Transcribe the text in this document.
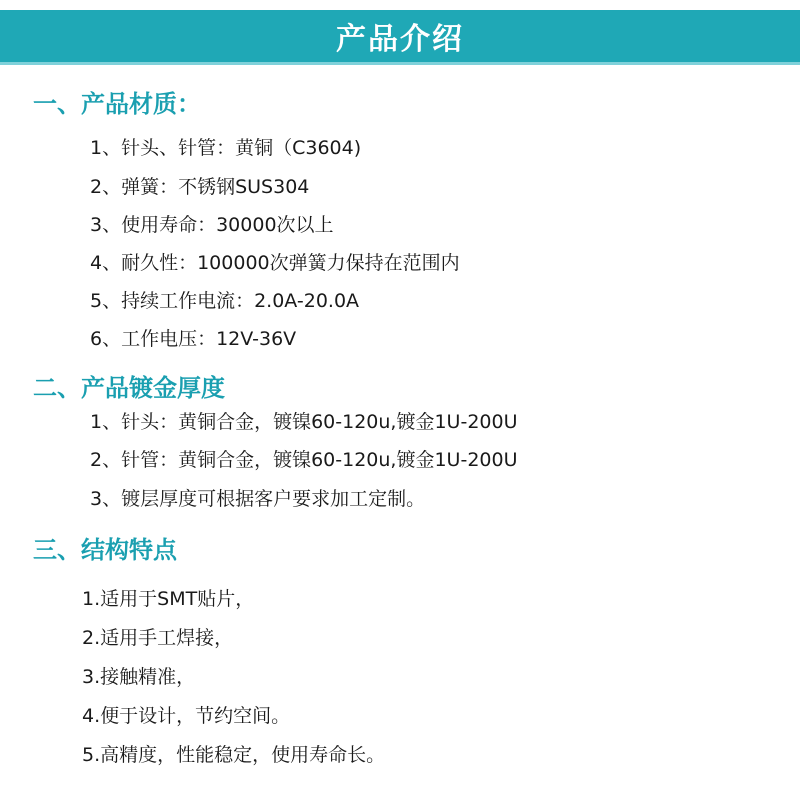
产品介绍
一、产品材质：
1、针头、针管：黄铜（C3604)
2、弹簧：不锈钢SUS304
3、使用寿命：30000次以上
4、耐久性：100000次弹簧力保持在范围内
5、持续工作电流：2.0A-20.0A
6、工作电压：12V-36V
二、产品镀金厚度
1、针头：黄铜合金，镀镍60-120u,镀金1U-200U
2、针管：黄铜合金，镀镍60-120u,镀金1U-200U
3、镀层厚度可根据客户要求加工定制。
三、结构特点
1.适用于SMT贴片，
2.适用手工焊接，
3.接触精准，
4.便于设计，节约空间。
5.高精度，性能稳定，使用寿命长。
